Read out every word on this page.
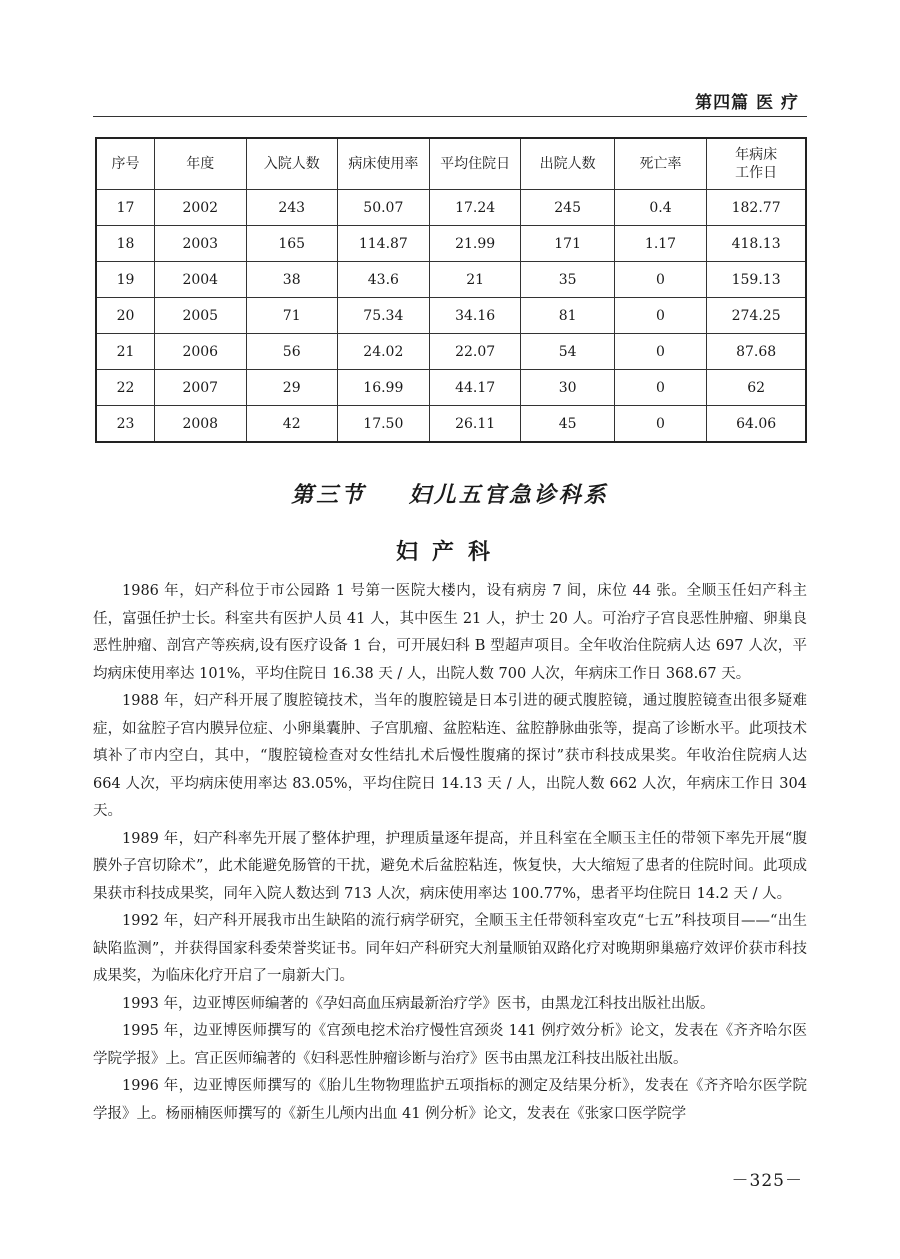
第四篇 医 疗
序号	年度	入院人数	病床使用率	平均住院日	出院人数	死亡率	年病床
工作日
17	2002	243	50.07	17.24	245	0.4	182.77
18	2003	165	114.87	21.99	171	1.17	418.13
19	2004	38	43.6	21	35	0	159.13
20	2005	71	75.34	34.16	81	0	274.25
21	2006	56	24.02	22.07	54	0	87.68
22	2007	29	16.99	44.17	30	0	62
23	2008	42	17.50	26.11	45	0	64.06
第三节    妇儿五官急诊科系
妇产科

1986 年，妇产科位于市公园路 1 号第一医院大楼内，设有病房 7 间，床位 44 张。全顺玉任妇产科主任，富强任护士长。科室共有医护人员 41 人，其中医生 21 人，护士 20 人。可治疗子宫良恶性肿瘤、卵巢良恶性肿瘤、剖宫产等疾病,设有医疗设备 1 台，可开展妇科 B 型超声项目。全年收治住院病人达 697 人次，平均病床使用率达 101%，平均住院日 16.38 天 / 人，出院人数 700 人次，年病床工作日 368.67 天。

1988 年，妇产科开展了腹腔镜技术，当年的腹腔镜是日本引进的硬式腹腔镜，通过腹腔镜查出很多疑难症，如盆腔子宫内膜异位症、小卵巢囊肿、子宫肌瘤、盆腔粘连、盆腔静脉曲张等，提高了诊断水平。此项技术填补了市内空白，其中，“腹腔镜检查对女性结扎术后慢性腹痛的探讨”获市科技成果奖。年收治住院病人达 664 人次，平均病床使用率达 83.05%，平均住院日 14.13 天 / 人，出院人数 662 人次，年病床工作日 304 天。

1989 年，妇产科率先开展了整体护理，护理质量逐年提高，并且科室在全顺玉主任的带领下率先开展“腹膜外子宫切除术”，此术能避免肠管的干扰，避免术后盆腔粘连，恢复快，大大缩短了患者的住院时间。此项成果获市科技成果奖，同年入院人数达到 713 人次，病床使用率达 100.77%，患者平均住院日 14.2 天 / 人。

1992 年，妇产科开展我市出生缺陷的流行病学研究，全顺玉主任带领科室攻克“七五”科技项目——“出生缺陷监测”，并获得国家科委荣誉奖证书。同年妇产科研究大剂量顺铂双路化疗对晚期卵巢癌疗效评价获市科技成果奖，为临床化疗开启了一扇新大门。

1993 年，边亚博医师编著的《孕妇高血压病最新治疗学》医书，由黑龙江科技出版社出版。

1995 年，边亚博医师撰写的《宫颈电挖术治疗慢性宫颈炎 141 例疗效分析》论文，发表在《齐齐哈尔医学院学报》上。宫正医师编著的《妇科恶性肿瘤诊断与治疗》医书由黑龙江科技出版社出版。

1996 年，边亚博医师撰写的《胎儿生物物理监护五项指标的测定及结果分析》，发表在《齐齐哈尔医学院学报》上。杨丽楠医师撰写的《新生儿颅内出血 41 例分析》论文，发表在《张家口医学院学

－325－
